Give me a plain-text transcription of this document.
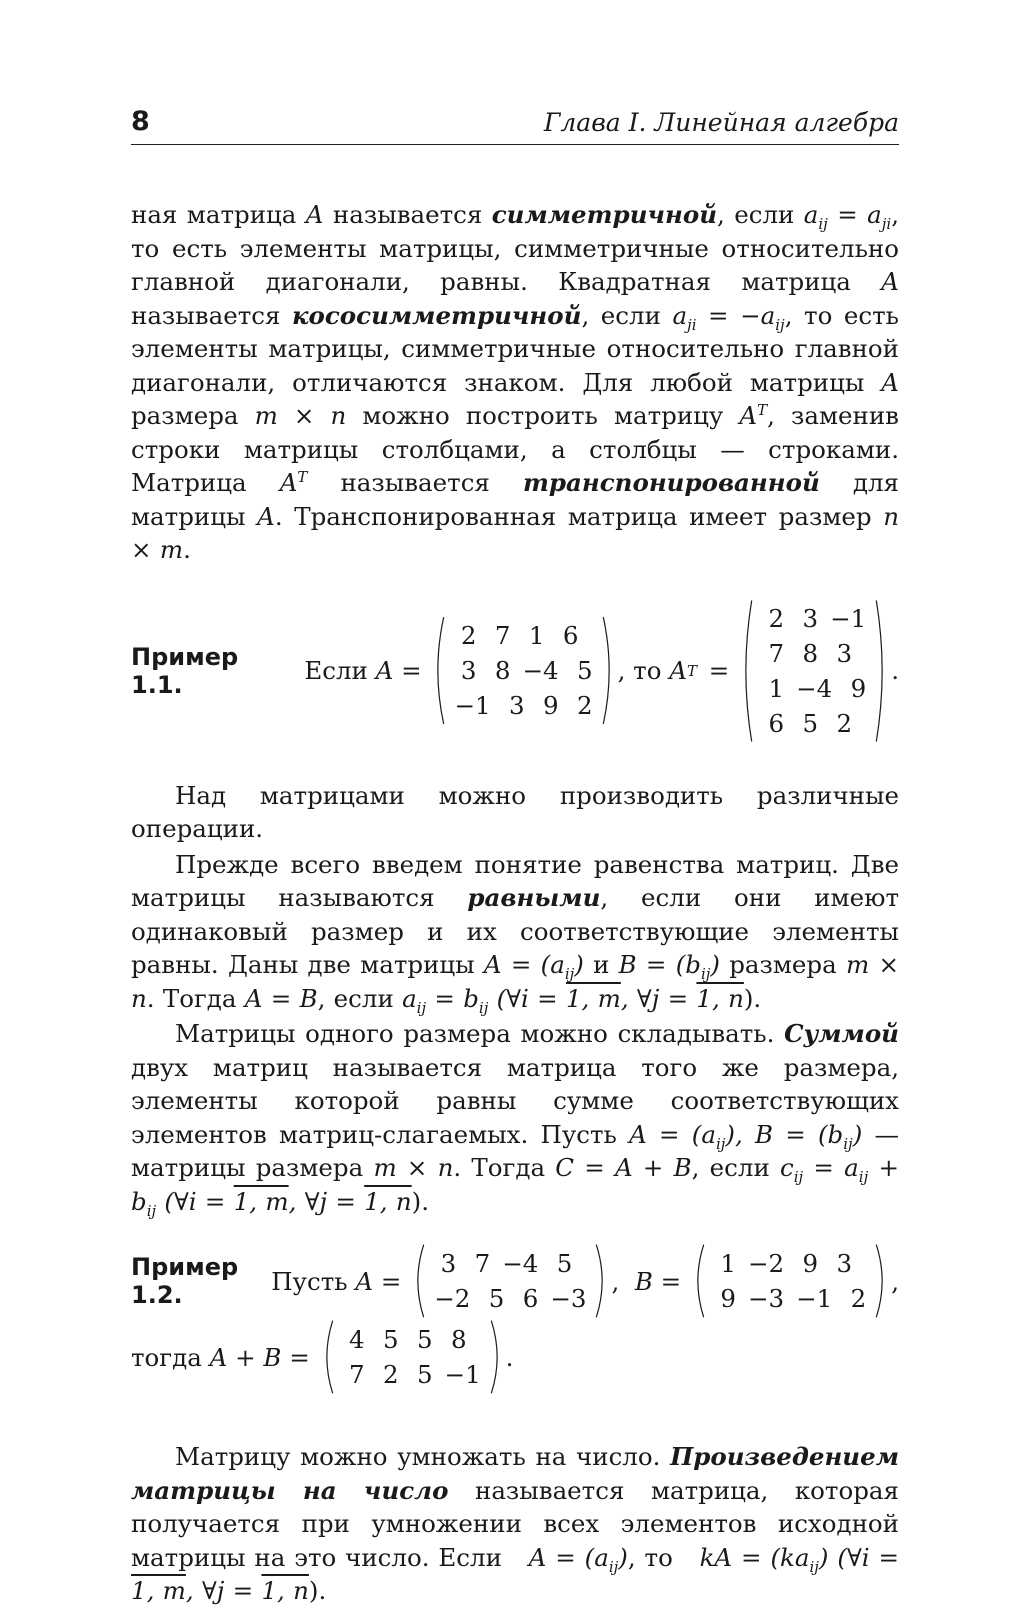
8	Глава I. Линейная алгебра

ная матрица A называется симметричной, если $a_{ij} = a_{ji}$, то есть элементы матрицы, симметричные относительно главной диагонали, равны. Квадратная матрица A называется кососимметричной, если $a_{ji} = -a_{ij}$, то есть элементы матрицы, симметричные относительно главной диагонали, отличаются знаком. Для любой матрицы A размера m × n можно построить матрицу $A^T$, заменив строки матрицы столбцами, а столбцы — строками. Матрица $A^T$ называется транспонированной для матрицы A. Транспонированная матрица имеет размер n × m.

Пример 1.1.	Если A =
2 7 1 6
3 8 −4 5
−1 3 9 2
, то A T =
2 3 −1
7 8 3
1 −4 9
6 5 2
.

Над матрицами можно производить различные операции.

Прежде всего введем понятие равенства матриц. Две матрицы называются равными, если они имеют одинаковый размер и их соответствующие элементы равны. Даны две матрицы $A = (a_{ij})$ и $B = (b_{ij})$ размера m × n. Тогда A = B, если $a_{ij} = b_{ij}$ (∀i = 1, m, ∀j = 1, n).

Матрицы одного размера можно складывать. Суммой двух матриц называется матрица того же размера, элементы которой равны сумме соответствующих элементов матриц-слагаемых. Пусть $A = (a_{ij})$, $B = (b_{ij})$ — матрицы размера m × n. Тогда C = A + B, если $c_{ij} = a_{ij} + b_{ij}$ (∀i = 1, m, ∀j = 1, n).

Пример 1.2.	Пусть A =
3 7 −4 5
−2 5 6 −3
, B =
1 −2 9 3
9 −3 −1 2
,
тогда A + B =
4 5 5 8
7 2 5 −1
.

Матрицу можно умножать на число. Произведением матрицы на число называется матрица, которая получается при умножении всех элементов исходной матрицы на это число. Если   $A = (a_{ij})$, то   kA = $(ka_{ij})$ (∀i = 1, m, ∀j = 1, n).
